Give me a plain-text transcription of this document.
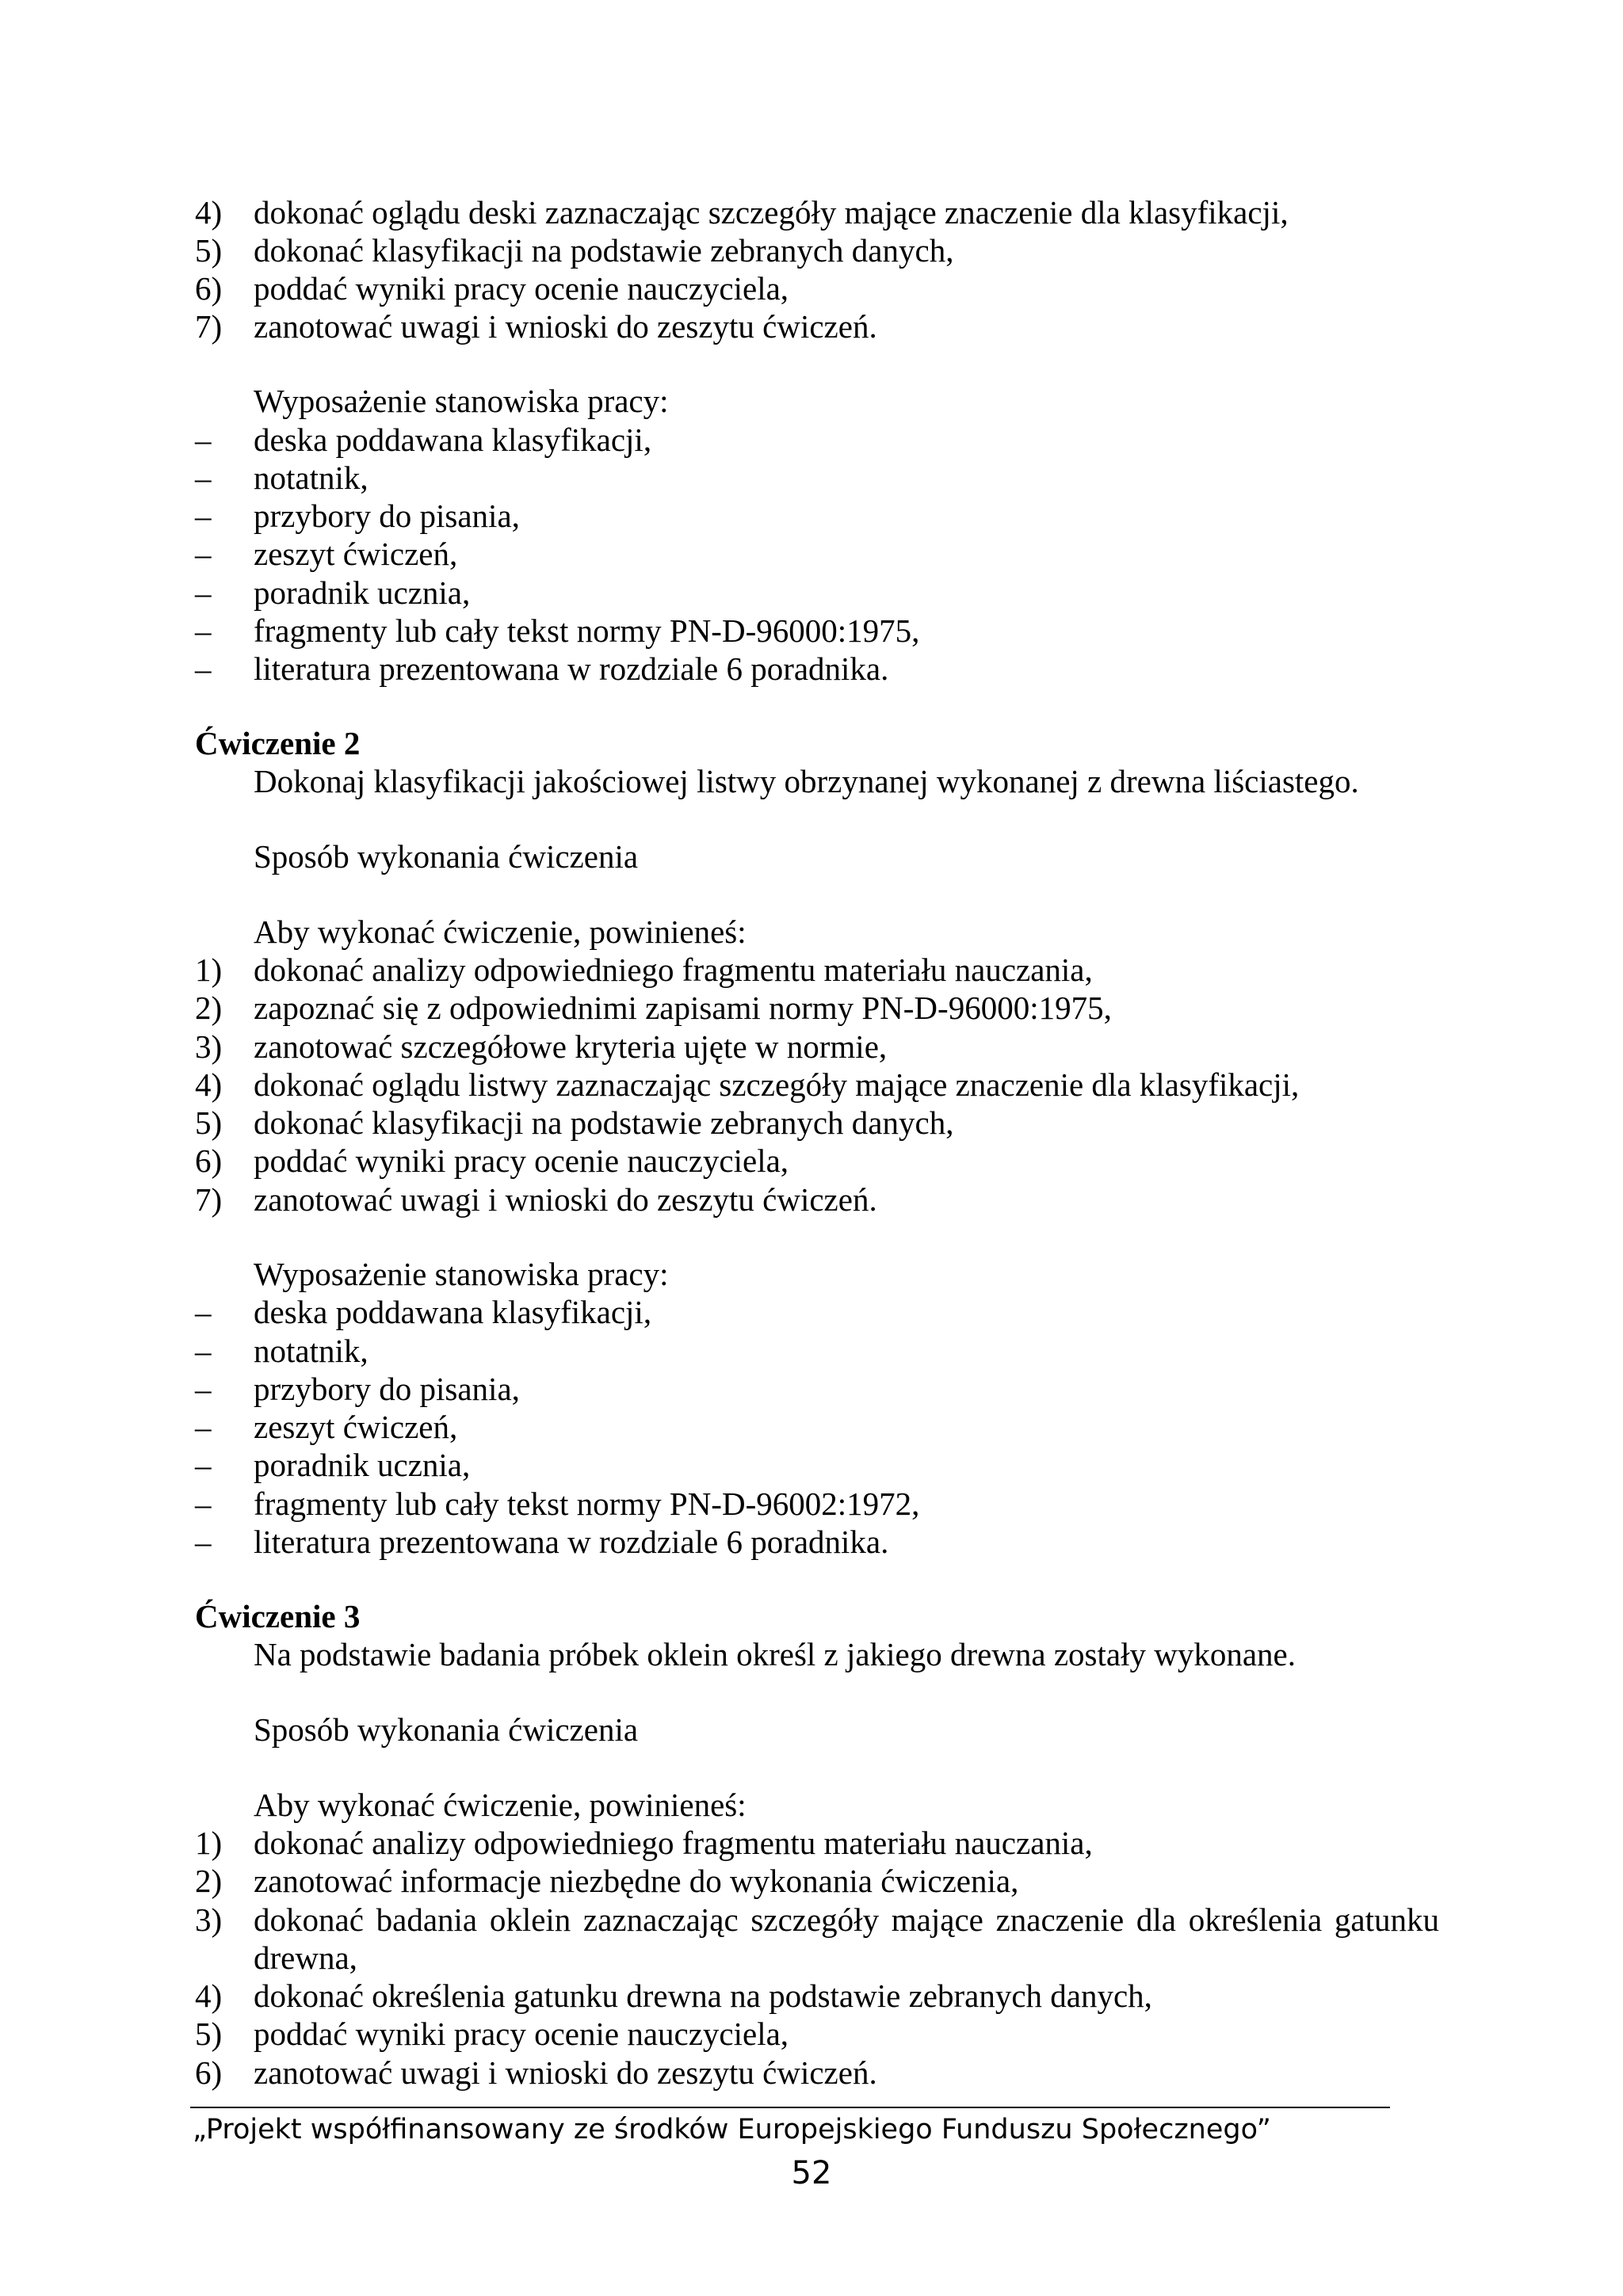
4) dokonać oglądu deski zaznaczając szczegóły mające znaczenie dla klasyfikacji,
5) dokonać klasyfikacji na podstawie zebranych danych,
6) poddać wyniki pracy ocenie nauczyciela,
7) zanotować uwagi i wnioski do zeszytu ćwiczeń.
Wyposażenie stanowiska pracy:
– deska poddawana klasyfikacji,
– notatnik,
– przybory do pisania,
– zeszyt ćwiczeń,
– poradnik ucznia,
– fragmenty lub cały tekst normy PN-D-96000:1975,
– literatura prezentowana w rozdziale 6 poradnika.
Ćwiczenie 2
Dokonaj klasyfikacji jakościowej listwy obrzynanej wykonanej z drewna liściastego.
Sposób wykonania ćwiczenia
Aby wykonać ćwiczenie, powinieneś:
1) dokonać analizy odpowiedniego fragmentu materiału nauczania,
2) zapoznać się z odpowiednimi zapisami normy PN-D-96000:1975,
3) zanotować szczegółowe kryteria ujęte w normie,
4) dokonać oglądu listwy zaznaczając szczegóły mające znaczenie dla klasyfikacji,
5) dokonać klasyfikacji na podstawie zebranych danych,
6) poddać wyniki pracy ocenie nauczyciela,
7) zanotować uwagi i wnioski do zeszytu ćwiczeń.
Wyposażenie stanowiska pracy:
– deska poddawana klasyfikacji,
– notatnik,
– przybory do pisania,
– zeszyt ćwiczeń,
– poradnik ucznia,
– fragmenty lub cały tekst normy PN-D-96002:1972,
– literatura prezentowana w rozdziale 6 poradnika.
Ćwiczenie 3
Na podstawie badania próbek oklein określ z jakiego drewna zostały wykonane.
Sposób wykonania ćwiczenia
Aby wykonać ćwiczenie, powinieneś:
1) dokonać analizy odpowiedniego fragmentu materiału nauczania,
2) zanotować informacje niezbędne do wykonania ćwiczenia,
3) dokonać badania oklein zaznaczając szczegóły mające znaczenie dla określenia gatunku
drewna,
4) dokonać określenia gatunku drewna na podstawie zebranych danych,
5) poddać wyniki pracy ocenie nauczyciela,
6) zanotować uwagi i wnioski do zeszytu ćwiczeń.
„Projekt współfinansowany ze środków Europejskiego Funduszu Społecznego”
52
